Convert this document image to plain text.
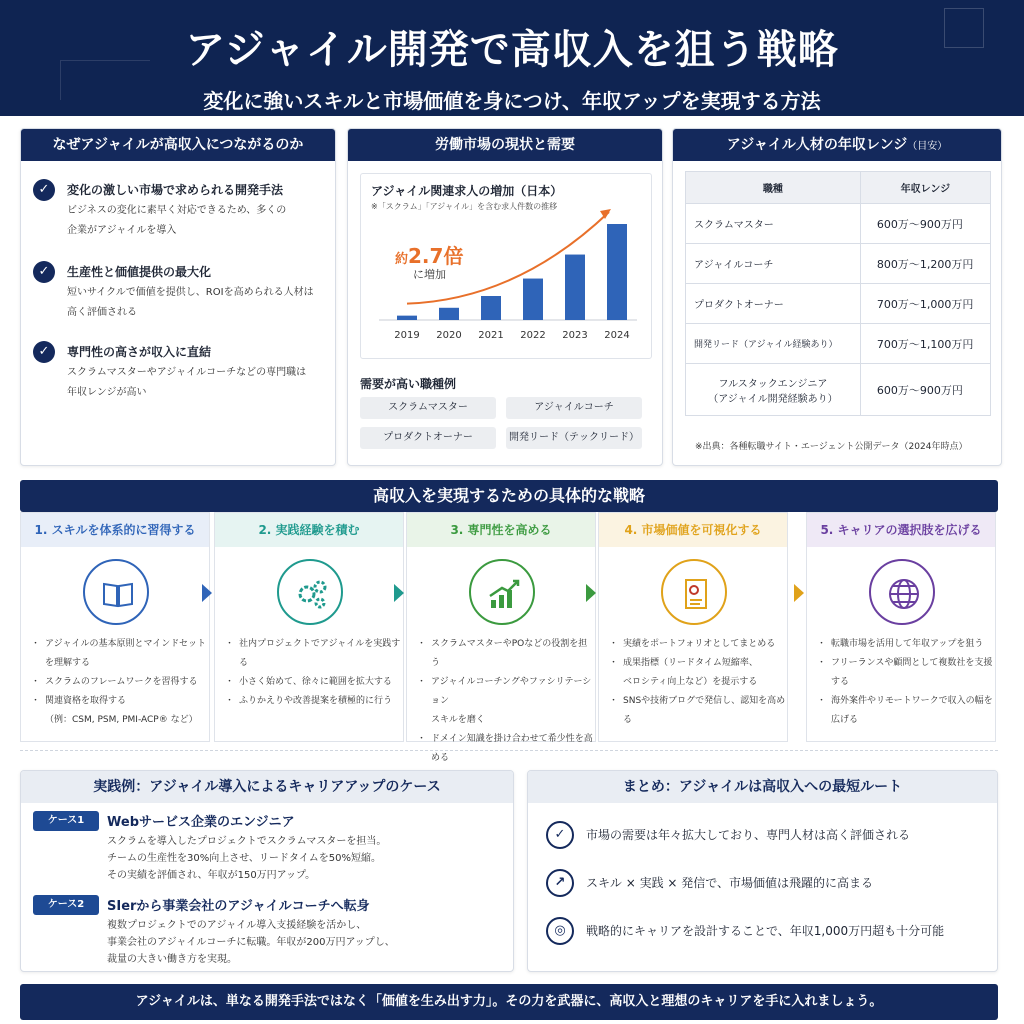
アジャイル開発で高収入を狙う戦略
変化に強いスキルと市場価値を身につけ、年収アップを実現する方法
なぜアジャイルが高収入につながるのか
✓	変化の激しい市場で求められる開発手法
ビジネスの変化に素早く対応できるため、多くの
企業がアジャイルを導入
✓	生産性と価値提供の最大化
短いサイクルで価値を提供し、ROIを高められる人材は
高く評価される
✓	専門性の高さが収入に直結
スクラムマスターやアジャイルコーチなどの専門職は
年収レンジが高い
労働市場の現状と需要
2019 2020 2021 2022 2023 2024
アジャイル関連求人の増加（日本）
※「スクラム」「アジャイル」を含む求人件数の推移
約2.7倍
に増加
需要が高い職種例
スクラムマスター	アジャイルコーチ
プロダクトオーナー	開発リード（テックリード）
アジャイル人材の年収レンジ（目安）
職種	年収レンジ
スクラムマスター	600万〜900万円
アジャイルコーチ	800万〜1,200万円
プロダクトオーナー	700万〜1,000万円
開発リード（アジャイル経験あり）	700万〜1,100万円

フルスタックエンジニア
（アジャイル開発経験あり）	600万〜900万円
※出典：各種転職サイト・エージェント公開データ（2024年時点）
高収入を実現するための具体的な戦略
1. スキルを体系的に習得する
・ アジャイルの基本原則とマインドセット
を理解する
・ スクラムのフレームワークを習得する
・ 関連資格を取得する
（例：CSM, PSM, PMI-ACP® など）
2. 実践経験を積む
・ 社内プロジェクトでアジャイルを実践する
・ 小さく始めて、徐々に範囲を拡大する
・ ふりかえりや改善提案を積極的に行う
3. 専門性を高める
・ スクラムマスターやPOなどの役割を担う
・ アジャイルコーチングやファシリテーション
スキルを磨く
・ ドメイン知識を掛け合わせて希少性を高める
4. 市場価値を可視化する
・ 実績をポートフォリオとしてまとめる
・ 成果指標（リードタイム短縮率、
ベロシティ向上など）を提示する
・ SNSや技術ブログで発信し、認知を高める
5. キャリアの選択肢を広げる
・ 転職市場を活用して年収アップを狙う
・ フリーランスや顧問として複数社を支援する
・ 海外案件やリモートワークで収入の幅を
広げる
実践例：アジャイル導入によるキャリアアップのケース
ケース1	Webサービス企業のエンジニア
スクラムを導入したプロジェクトでスクラムマスターを担当。
チームの生産性を30%向上させ、リードタイムを50%短縮。
その実績を評価され、年収が150万円アップ。
ケース2	SIerから事業会社のアジャイルコーチへ転身
複数プロジェクトでのアジャイル導入支援経験を活かし、
事業会社のアジャイルコーチに転職。年収が200万円アップし、
裁量の大きい働き方を実現。
まとめ：アジャイルは高収入への最短ルート
✓	市場の需要は年々拡大しており、専門人材は高く評価される
↗	スキル × 実践 × 発信で、市場価値は飛躍的に高まる
◎	戦略的にキャリアを設計することで、年収1,000万円超も十分可能
アジャイルは、単なる開発手法ではなく「価値を生み出す力」。その力を武器に、高収入と理想のキャリアを手に入れましょう。
